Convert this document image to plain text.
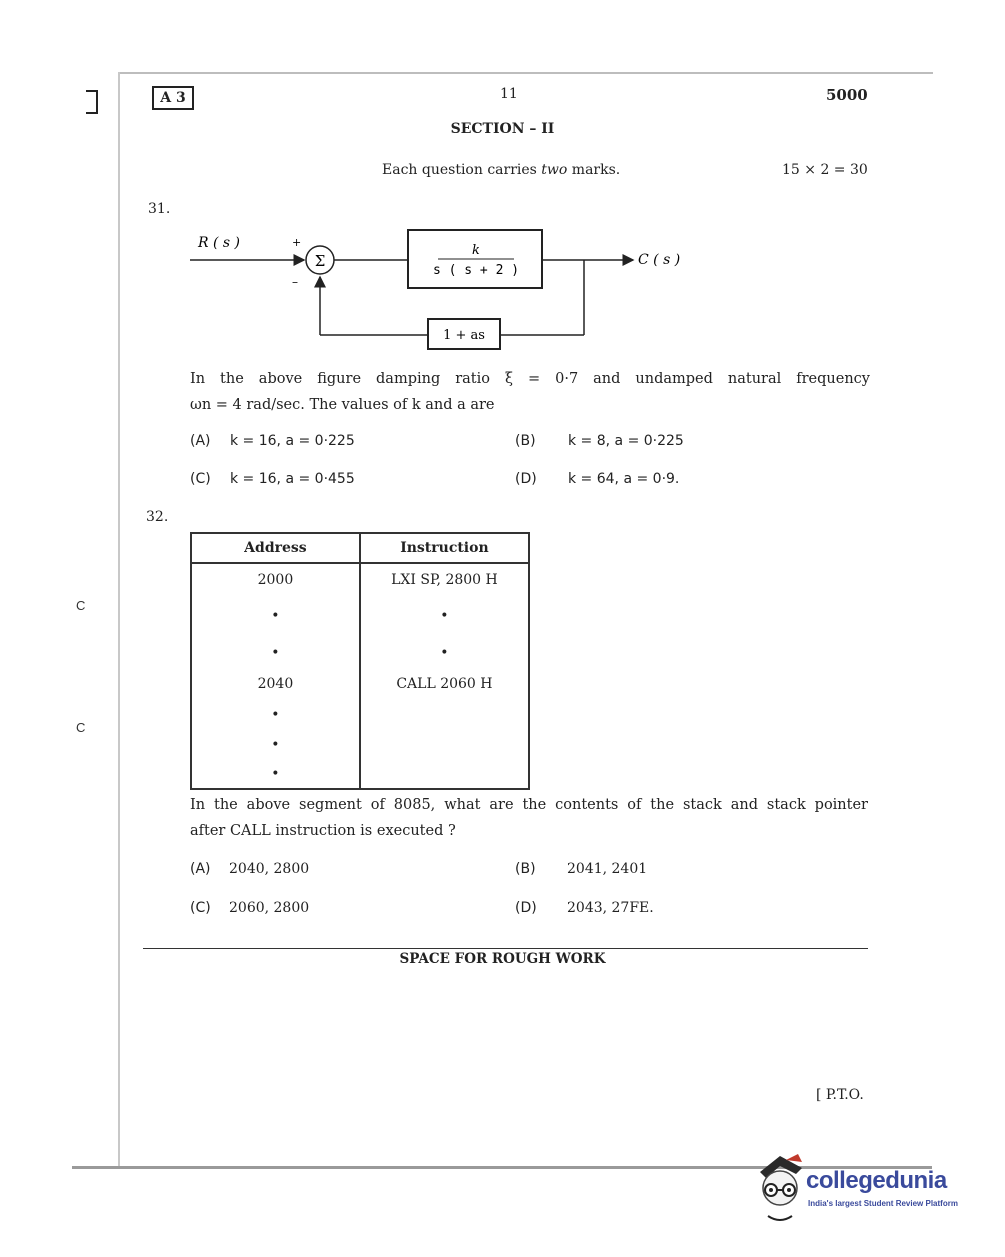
C
C
A 3	11	5000
SECTION – II
Each question carries two marks.	15 × 2 = 30
31.
R ( s )	+
–
Σ
k
s ( s + 2 )
C ( s )
1 + as
In the above figure damping ratio ξ = 0·7 and undamped natural frequency
ωn = 4 rad/sec. The values of k and a are
(A) k = 16, a = 0·225	(B) k = 8, a = 0·225
(C) k = 16, a = 0·455	(D) k = 64, a = 0·9.
32.
Address	Instruction
2000	LXI SP, 2800 H
•	•
•	•
2040	CALL 2060 H
•	
•	
•	
In the above segment of 8085, what are the contents of the stack and stack pointer
after CALL instruction is executed ?
(A) 2040, 2800	(B) 2041, 2401
(C) 2060, 2800	(D) 2043, 27FE.
SPACE FOR ROUGH WORK
[ P.T.O.
collegedunia
India's largest Student Review Platform
